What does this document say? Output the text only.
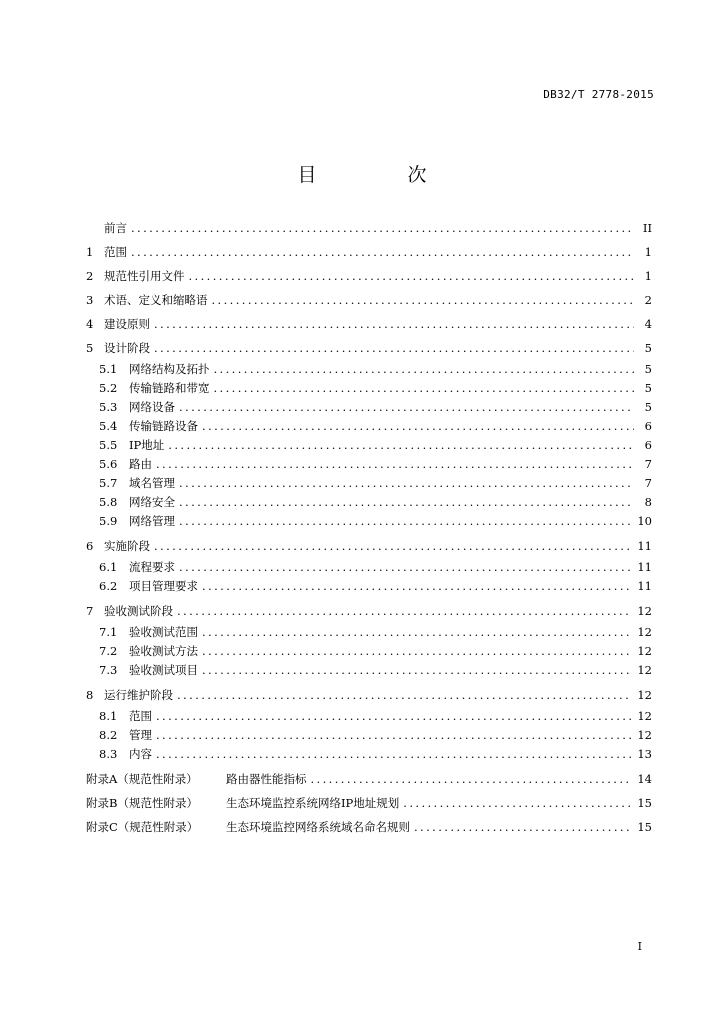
DB32/T 2778-2015
目　次
前言 .....	II
1 范围 .....	1
2 规范性引用文件 .....	1
3 术语、定义和缩略语 .....	2
4 建设原则 .....	4
5 设计阶段 .....	5
5.1	网络结构及拓扑 .....	5
5.2	传输链路和带宽 .....	5
5.3	网络设备 .....	5
5.4	传输链路设备 .....	6
5.5	IP地址 .....	6
5.6	路由 .....	7
5.7	域名管理 .....	7
5.8	网络安全 .....	8
5.9	网络管理 .....	10
6 实施阶段 .....	11
6.1	流程要求 .....	11
6.2	项目管理要求 .....	11
7 验收测试阶段 .....	12
7.1	验收测试范围 .....	12
7.2	验收测试方法 .....	12
7.3	验收测试项目 .....	12
8 运行维护阶段 .....	12
8.1	范围 .....	12
8.2	管理 .....	12
8.3	内容 .....	13
附录A（规范性附录）	路由器性能指标 .....	14
附录B（规范性附录）	生态环境监控系统网络IP地址规划 .....	15
附录C（规范性附录）	生态环境监控网络系统域名命名规则 .....	15
I
